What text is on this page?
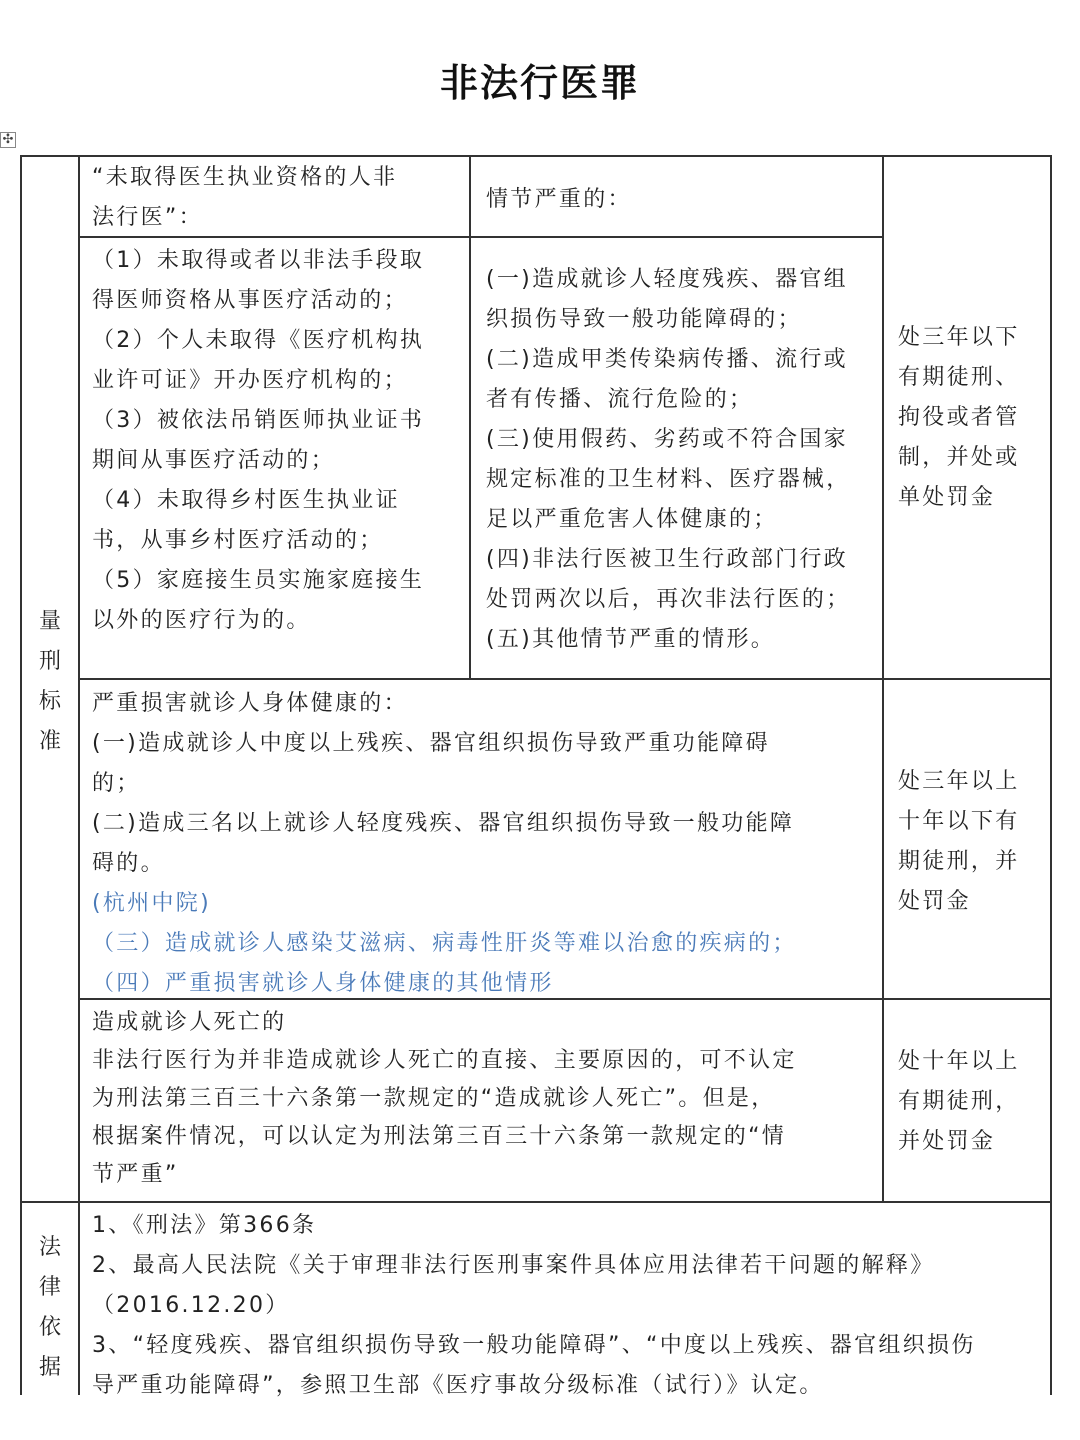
非法行医罪
✣
量
刑
标
准
“未取得医生执业资格的人非
法行医”：
情节严重的：
（1）未取得或者以非法手段取
得医师资格从事医疗活动的；
（2）个人未取得《医疗机构执
业许可证》开办医疗机构的；
（3）被依法吊销医师执业证书
期间从事医疗活动的；
（4）未取得乡村医生执业证
书，从事乡村医疗活动的；
（5）家庭接生员实施家庭接生
以外的医疗行为的。
(一)造成就诊人轻度残疾、器官组
织损伤导致一般功能障碍的；
(二)造成甲类传染病传播、流行或
者有传播、流行危险的；
(三)使用假药、劣药或不符合国家
规定标准的卫生材料、医疗器械，
足以严重危害人体健康的；
(四)非法行医被卫生行政部门行政
处罚两次以后，再次非法行医的；
(五)其他情节严重的情形。
处三年以下
有期徒刑、
拘役或者管
制，并处或
单处罚金
严重损害就诊人身体健康的：
(一)造成就诊人中度以上残疾、器官组织损伤导致严重功能障碍
的；
(二)造成三名以上就诊人轻度残疾、器官组织损伤导致一般功能障
碍的。
(杭州中院)
（三）造成就诊人感染艾滋病、病毒性肝炎等难以治愈的疾病的；
（四）严重损害就诊人身体健康的其他情形
处三年以上
十年以下有
期徒刑，并
处罚金
造成就诊人死亡的
非法行医行为并非造成就诊人死亡的直接、主要原因的，可不认定
为刑法第三百三十六条第一款规定的“造成就诊人死亡”。但是，
根据案件情况，可以认定为刑法第三百三十六条第一款规定的“情
节严重”
处十年以上
有期徒刑，
并处罚金
法
律
依
据
1、《刑法》第366条
2、最高人民法院《关于审理非法行医刑事案件具体应用法律若干问题的解释》
（2016.12.20）
3、“轻度残疾、器官组织损伤导致一般功能障碍”、“中度以上残疾、器官组织损伤
导严重功能障碍”，参照卫生部《医疗事故分级标准（试行）》认定。
